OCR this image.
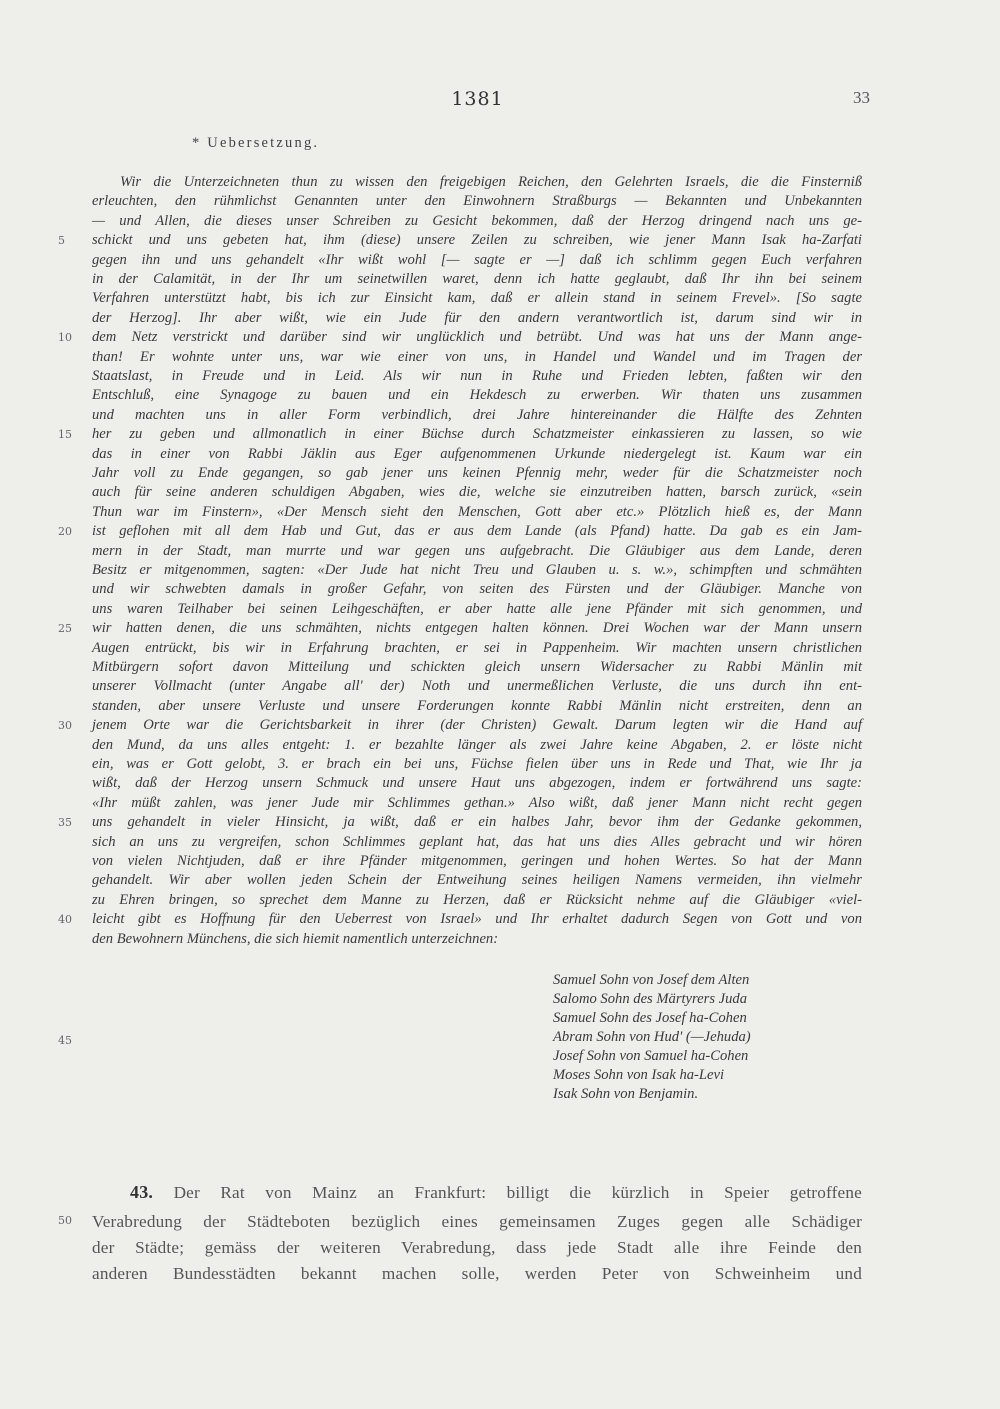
1381	33
* Uebersetzung.
Wir die Unterzeichneten thun zu wissen den freigebigen Reichen, den Gelehrten Israels, die die Finsterniß
erleuchten, den rühmlichst Genannten unter den Einwohnern Straßburgs — Bekannten und Unbekannten
— und Allen, die dieses unser Schreiben zu Gesicht bekommen, daß der Herzog dringend nach uns ge-
schickt und uns gebeten hat, ihm (diese) unsere Zeilen zu schreiben, wie jener Mann Isak ha-Zarfati
gegen ihn und uns gehandelt «Ihr wißt wohl [— sagte er —] daß ich schlimm gegen Euch verfahren
in der Calamität, in der Ihr um seinetwillen waret, denn ich hatte geglaubt, daß Ihr ihn bei seinem
Verfahren unterstützt habt, bis ich zur Einsicht kam, daß er allein stand in seinem Frevel». [So sagte
der Herzog]. Ihr aber wißt, wie ein Jude für den andern verantwortlich ist, darum sind wir in
dem Netz verstrickt und darüber sind wir unglücklich und betrübt. Und was hat uns der Mann ange-
than! Er wohnte unter uns, war wie einer von uns, in Handel und Wandel und im Tragen der
Staatslast, in Freude und in Leid. Als wir nun in Ruhe und Frieden lebten, faßten wir den
Entschluß, eine Synagoge zu bauen und ein Hekdesch zu erwerben. Wir thaten uns zusammen
und machten uns in aller Form verbindlich, drei Jahre hintereinander die Hälfte des Zehnten
her zu geben und allmonatlich in einer Büchse durch Schatzmeister einkassieren zu lassen, so wie
das in einer von Rabbi Jäklin aus Eger aufgenommenen Urkunde niedergelegt ist. Kaum war ein
Jahr voll zu Ende gegangen, so gab jener uns keinen Pfennig mehr, weder für die Schatzmeister noch
auch für seine anderen schuldigen Abgaben, wies die, welche sie einzutreiben hatten, barsch zurück, «sein
Thun war im Finstern», «Der Mensch sieht den Menschen, Gott aber etc.» Plötzlich hieß es, der Mann
ist geflohen mit all dem Hab und Gut, das er aus dem Lande (als Pfand) hatte. Da gab es ein Jam-
mern in der Stadt, man murrte und war gegen uns aufgebracht. Die Gläubiger aus dem Lande, deren
Besitz er mitgenommen, sagten: «Der Jude hat nicht Treu und Glauben u. s. w.», schimpften und schmähten
und wir schwebten damals in großer Gefahr, von seiten des Fürsten und der Gläubiger. Manche von
uns waren Teilhaber bei seinen Leihgeschäften, er aber hatte alle jene Pfänder mit sich genommen, und
wir hatten denen, die uns schmähten, nichts entgegen halten können. Drei Wochen war der Mann unsern
Augen entrückt, bis wir in Erfahrung brachten, er sei in Pappenheim. Wir machten unsern christlichen
Mitbürgern sofort davon Mitteilung und schickten gleich unsern Widersacher zu Rabbi Mänlin mit
unserer Vollmacht (unter Angabe all' der) Noth und unermeßlichen Verluste, die uns durch ihn ent-
standen, aber unsere Verluste und unsere Forderungen konnte Rabbi Mänlin nicht erstreiten, denn an
jenem Orte war die Gerichtsbarkeit in ihrer (der Christen) Gewalt. Darum legten wir die Hand auf
den Mund, da uns alles entgeht: 1. er bezahlte länger als zwei Jahre keine Abgaben, 2. er löste nicht
ein, was er Gott gelobt, 3. er brach ein bei uns, Füchse fielen über uns in Rede und That, wie Ihr ja
wißt, daß der Herzog unsern Schmuck und unsere Haut uns abgezogen, indem er fortwährend uns sagte:
«Ihr müßt zahlen, was jener Jude mir Schlimmes gethan.» Also wißt, daß jener Mann nicht recht gegen
uns gehandelt in vieler Hinsicht, ja wißt, daß er ein halbes Jahr, bevor ihm der Gedanke gekommen,
sich an uns zu vergreifen, schon Schlimmes geplant hat, das hat uns dies Alles gebracht und wir hören
von vielen Nichtjuden, daß er ihre Pfänder mitgenommen, geringen und hohen Wertes. So hat der Mann
gehandelt. Wir aber wollen jeden Schein der Entweihung seines heiligen Namens vermeiden, ihn vielmehr
zu Ehren bringen, so sprechet dem Manne zu Herzen, daß er Rücksicht nehme auf die Gläubiger «viel-
leicht gibt es Hoffnung für den Ueberrest von Israel» und Ihr erhaltet dadurch Segen von Gott und von
den Bewohnern Münchens, die sich hiemit namentlich unterzeichnen:
5
10
15
20
25
30
35
40
45
50
Samuel Sohn von Josef dem Alten
Salomo Sohn des Märtyrers Juda
Samuel Sohn des Josef ha-Cohen
Abram Sohn von Hud' (—Jehuda)
Josef Sohn von Samuel ha-Cohen
Moses Sohn von Isak ha-Levi
Isak Sohn von Benjamin.
43. Der Rat von Mainz an Frankfurt: billigt die kürzlich in Speier getroffene
Verabredung der Städteboten bezüglich eines gemeinsamen Zuges gegen alle Schädiger
der Städte; gemäss der weiteren Verabredung, dass jede Stadt alle ihre Feinde den
anderen Bundesstädten bekannt machen solle, werden Peter von Schweinheim und
